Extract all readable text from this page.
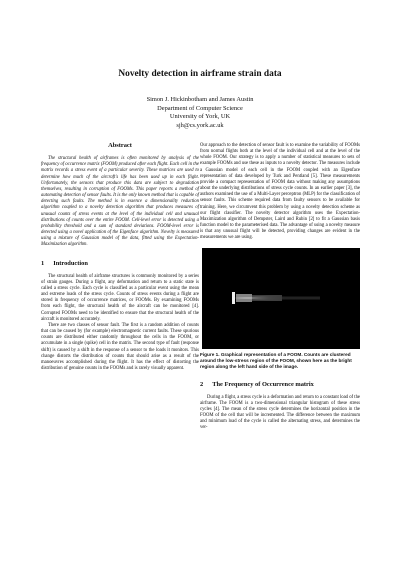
Novelty detection in airframe strain data
Simon J. Hickinbotham and James Austin
Department of Computer Science
University of York, UK
sjh@cs.york.ac.uk
Abstract

The structural health of airframes is often monitored by analysis of the frequency of occurrence matrix (FOOM) produced after each flight. Each cell in the matrix records a stress event of a particular severity. These matrices are used to determine how much of the aircraft's life has been used up in each flight. Unfortunately, the sensors that produce this data are subject to degradation themselves, resulting in corruption of FOOMs. This paper reports a method of automating detection of sensor faults. It is the only known method that is capable of detecting such faults. The method is in essence a dimensionality reduction algorithm coupled to a novelty detection algorithm that produces measures of unusual counts of stress events at the level of the individual cell and unusual distributions of counts over the entire FOOM. Cell-level error is detected using a probability threshold and a sum of standard deviations. FOOM-level error is detected using a novel application of the Eigenface algorithm. Novelty is measured using a mixture of Gaussian model of the data, fitted using the Expectation-Maximization algorithm.

1 Introduction

The structural health of airframe structures is commonly monitored by a series of strain gauges. During a flight, any deformation and return to a static state is called a stress cycle. Each cycle is classified as a particular event using the mean and extreme loads of the stress cycle. Counts of stress events during a flight are stored in frequency of occurrence matrices, or FOOMs. By examining FOOMs from each flight, the structural health of the aircraft can be monitored [4]. Corrupted FOOMs need to be identified to ensure that the structural health of the aircraft is monitored accurately.

There are two classes of sensor fault. The first is a random addition of counts that can be caused by (for example) electromagnetic current faults. These spurious counts are distributed either randomly throughout the cells in the FOOM, or accumulate in a single (spike) cell in the matrix. The second type of fault (response shift) is caused by a shift in the response of a sensor to the loads it monitors. This change distorts the distribution of counts that should arise as a result of the manoeuvres accomplished during the flight. It has the effect of distorting the distribution of genuine counts in the FOOMs and is rarely visually apparent.

Our approach to the detection of sensor fault is to examine the variability of FOOMs from normal flights both at the level of the individual cell and at the level of the whole FOOM. Our strategy is to apply a number of statistical measures to sets of example FOOMs and use these as inputs to a novelty detector. The measures include a Gaussian model of each cell in the FOOM coupled with an Eigenface representation of data developed by Turk and Pentland [5]. These measurements provide a compact representation of FOOM data without making any assumptions about the underlying distributions of stress cycle counts. In an earlier paper [3], the authors examined the use of a Multi-Layer perceptron (MLP) for the classification of sensor faults. This scheme required data from faulty sensors to be available for training. Here, we circumvent this problem by using a novelty detection scheme as our flight classifier. The novelty detector algorithm uses the Expectation-Maximization algorithm of Dempster, Laird and Rubin [2] to fit a Gaussian basis function model to the parameterised data. The advantage of using a novelty measure is that any unusual flight will be detected, providing changes are evident in the measurements we are using.

Figure 1. Graphical representation of a FOOM. Counts are clustered around the low-stress region of the FOOM, shown here as the bright region along the left hand side of the image.
2 The Frequency of Occurrence matrix

During a flight, a stress cycle is a deformation and return to a constant load of the airframe. The FOOM is a two-dimensional triangular histogram of these stress cycles [4]. The mean of the stress cycle determines the horizontal position in the FOOM of the cell that will be incremented. The difference between the maximum and minimum load of the cycle is called the alternating stress, and determines the ver-
